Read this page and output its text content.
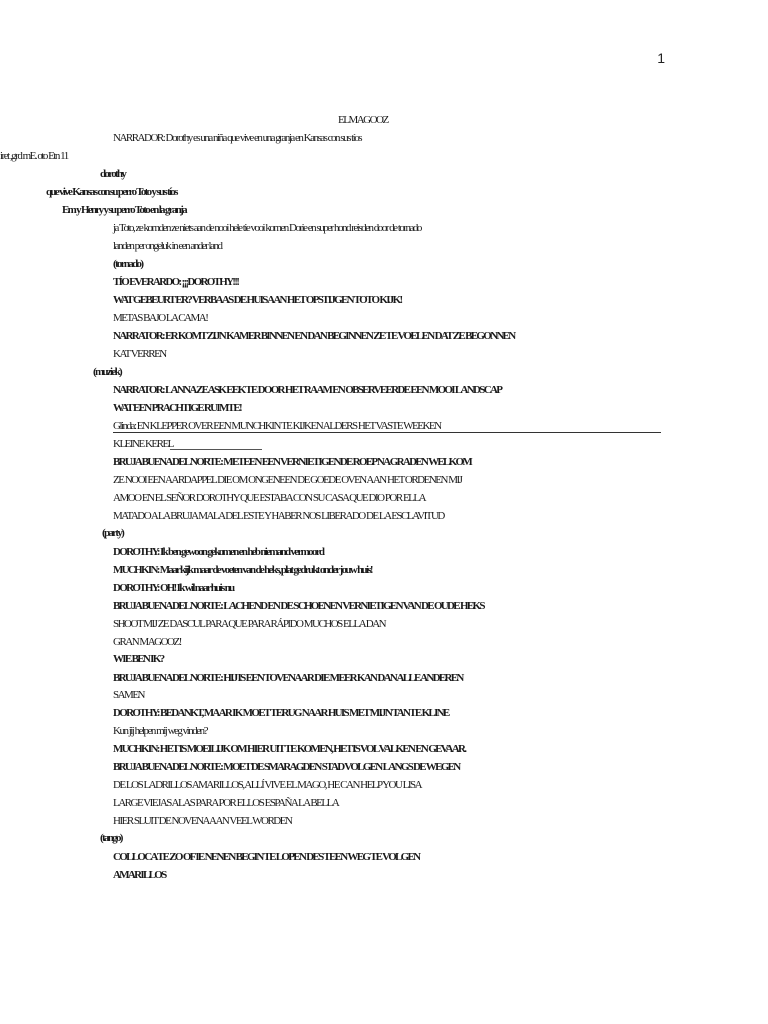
1
ELMAGOOZ
NARRADOR: Dorothy es una niña que vive en una granja en Kansas con sus tíos
iret ,grd mE. oto Etn 11
dorothy
que vive Kansas con su perro Toto y sus tíos
Em y Henry y su perro Toto en la granja
ja Toto, ze komden ze niets aan de nooi hele tie vooi komen Dorie en super hond reisden door de tornado
landen per ongeluk in een ander land
(tornado)
TÍO EVERARDO: ¡¡¡DOROTHY!!!
WAT GEBEURT ER? VERBAAS DE HUIS AAN HET OPSTIJGEN TOTO KIJK!
METAS BAJO LA CAMA!
NARRATOR: ER KOMT ZIJN KAMER BINNEN EN DAN BEGINNEN ZE TE VOELEN DAT ZE BEGONNEN
KAT VERREN
(muziek)
NARRATOR: LANNA ZE ASK EEK TE DOOR HET RAAM EN OBSERVEERDE EEN MOOI LANDSCAP
WAT EEN PRACHTIGE RUIMTE!
Glinda: EN KLEPPER OVER EEN MUNCHKIN TE KIJKEN ALDERS HET VASTE WEEKEN
KLEINE KEREL
BRUJA BUENA DEL NORTE: METEEN EEN VERNIETIGENDE ROEP NA GRADEN WELKOM
ZE NOOI EEN AARDAPPEL DIE OM ONGENEEN DE GOEDE OVEN AAN HET ORDENEN MIJ
AMOO EN EL SEÑOR DOROTHY QUE ESTABA CON SU CASA QUE DIO POR ELLA
MATADO A LA BRUJA MALA DEL ESTE Y HABER NOS LIBERADO DE LA ESCLAVITUD
(party)
DOROTHY: Ik ben gewoon gekomen en heb niemand vermoord
MUCHKIN: Maar kijk maar de voeten van de heks, plat gedrukt onder jouw huis!
DOROTHY: OH! Ik wil naar huis nu
BRUJA BUENA DEL NORTE: LACHEND EN DE SCHOENEN VERNIETIGEN VAN DE OUDE HEKS
SHOOT MIJ ZE DASCUL PARA QUE PARA RÁPIDO MUCHOS ELLA DAN
GRAN MAGOOZ!
WIE BEN IK?
BRUJA BUENA DEL NORTE: HIJ IS EEN TOVENAAR DIE MEER KAN DAN ALLE ANDEREN
SAMEN
DOROTHY: BEDANKT, MAAR IK MOET TERUG NAAR HUIS MET MIJN TANTE KLINE
Kun jij helpen mij weg vinden?
MUCHKIN: HET IS MOEILIJK OM HIER UIT TE KOMEN, HET IS VOL VALKEN EN GEVAAR.
BRUJA BUENA DEL NORTE: MOET DE SMARAGDEN STAD VOLGEN LANGS DE WEGEN
DE LOS LADRILLOS AMARILLOS, ALLÍ VIVE EL MAGO, HE CAN HELP YOU LISA
LARGE VIEJAS ALAS PARA POR ELLOS ESPAÑA LA BELLA
HIER SLUIT DE NOVENA AAN VEEL WORDEN
(tango)
COLLOCA TE ZO OF IE NENEN BEGIN TE LOPEN DES TEEN WEG TE VOLGEN
AMARILLOS
